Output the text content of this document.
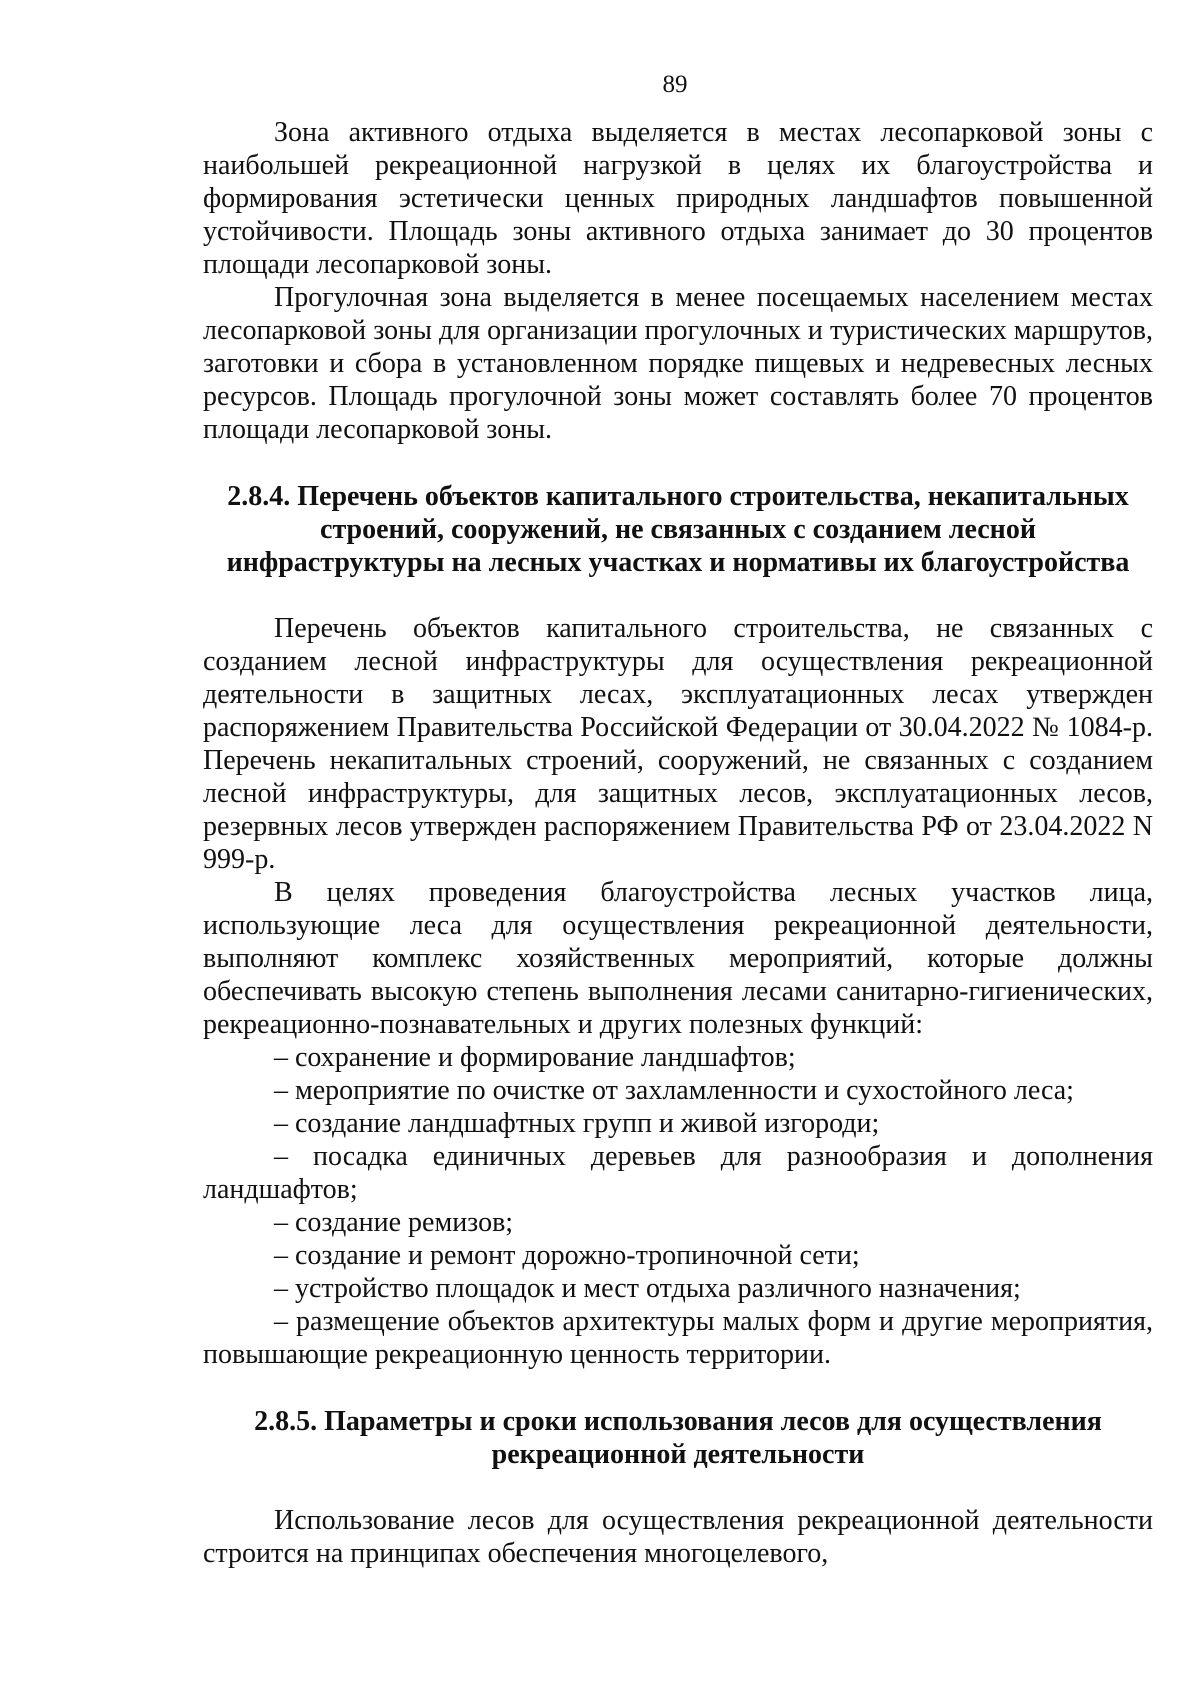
89

Зона активного отдыха выделяется в местах лесопарковой зоны с наибольшей рекреационной нагрузкой в целях их благоустройства и формирования эстетически ценных природных ландшафтов повышенной устойчивости. Площадь зоны активного отдыха занимает до 30 процентов площади лесопарковой зоны.

Прогулочная зона выделяется в менее посещаемых населением местах лесопарковой зоны для организации прогулочных и туристических маршрутов, заготовки и сбора в установленном порядке пищевых и недревесных лесных ресурсов. Площадь прогулочной зоны может составлять более 70 процентов площади лесопарковой зоны.

2.8.4. Перечень объектов капитального строительства, некапитальных
строений, сооружений, не связанных с созданием лесной
инфраструктуры на лесных участках и нормативы их благоустройства

Перечень объектов капитального строительства, не связанных с созданием лесной инфраструктуры для осуществления рекреационной деятельности в защитных лесах, эксплуатационных лесах утвержден распоряжением Правительства Российской Федерации от 30.04.2022 № 1084-р. Перечень некапитальных строений, сооружений, не связанных с созданием лесной инфраструктуры, для защитных лесов, эксплуатационных лесов, резервных лесов утвержден распоряжением Правительства РФ от 23.04.2022 N 999-р.

В целях проведения благоустройства лесных участков лица, использующие леса для осуществления рекреационной деятельности, выполняют комплекс хозяйственных мероприятий, которые должны обеспечивать высокую степень выполнения лесами санитарно-гигиенических, рекреационно-познавательных и других полезных функций:

– сохранение и формирование ландшафтов;

– мероприятие по очистке от захламленности и сухостойного леса;

– создание ландшафтных групп и живой изгороди;

– посадка единичных деревьев для разнообразия и дополнения ландшафтов;

– создание ремизов;

– создание и ремонт дорожно-тропиночной сети;

– устройство площадок и мест отдыха различного назначения;

– размещение объектов архитектуры малых форм и другие мероприятия, повышающие рекреационную ценность территории.

2.8.5. Параметры и сроки использования лесов для осуществления
рекреационной деятельности

Использование лесов для осуществления рекреационной деятельности строится на принципах обеспечения многоцелевого,
